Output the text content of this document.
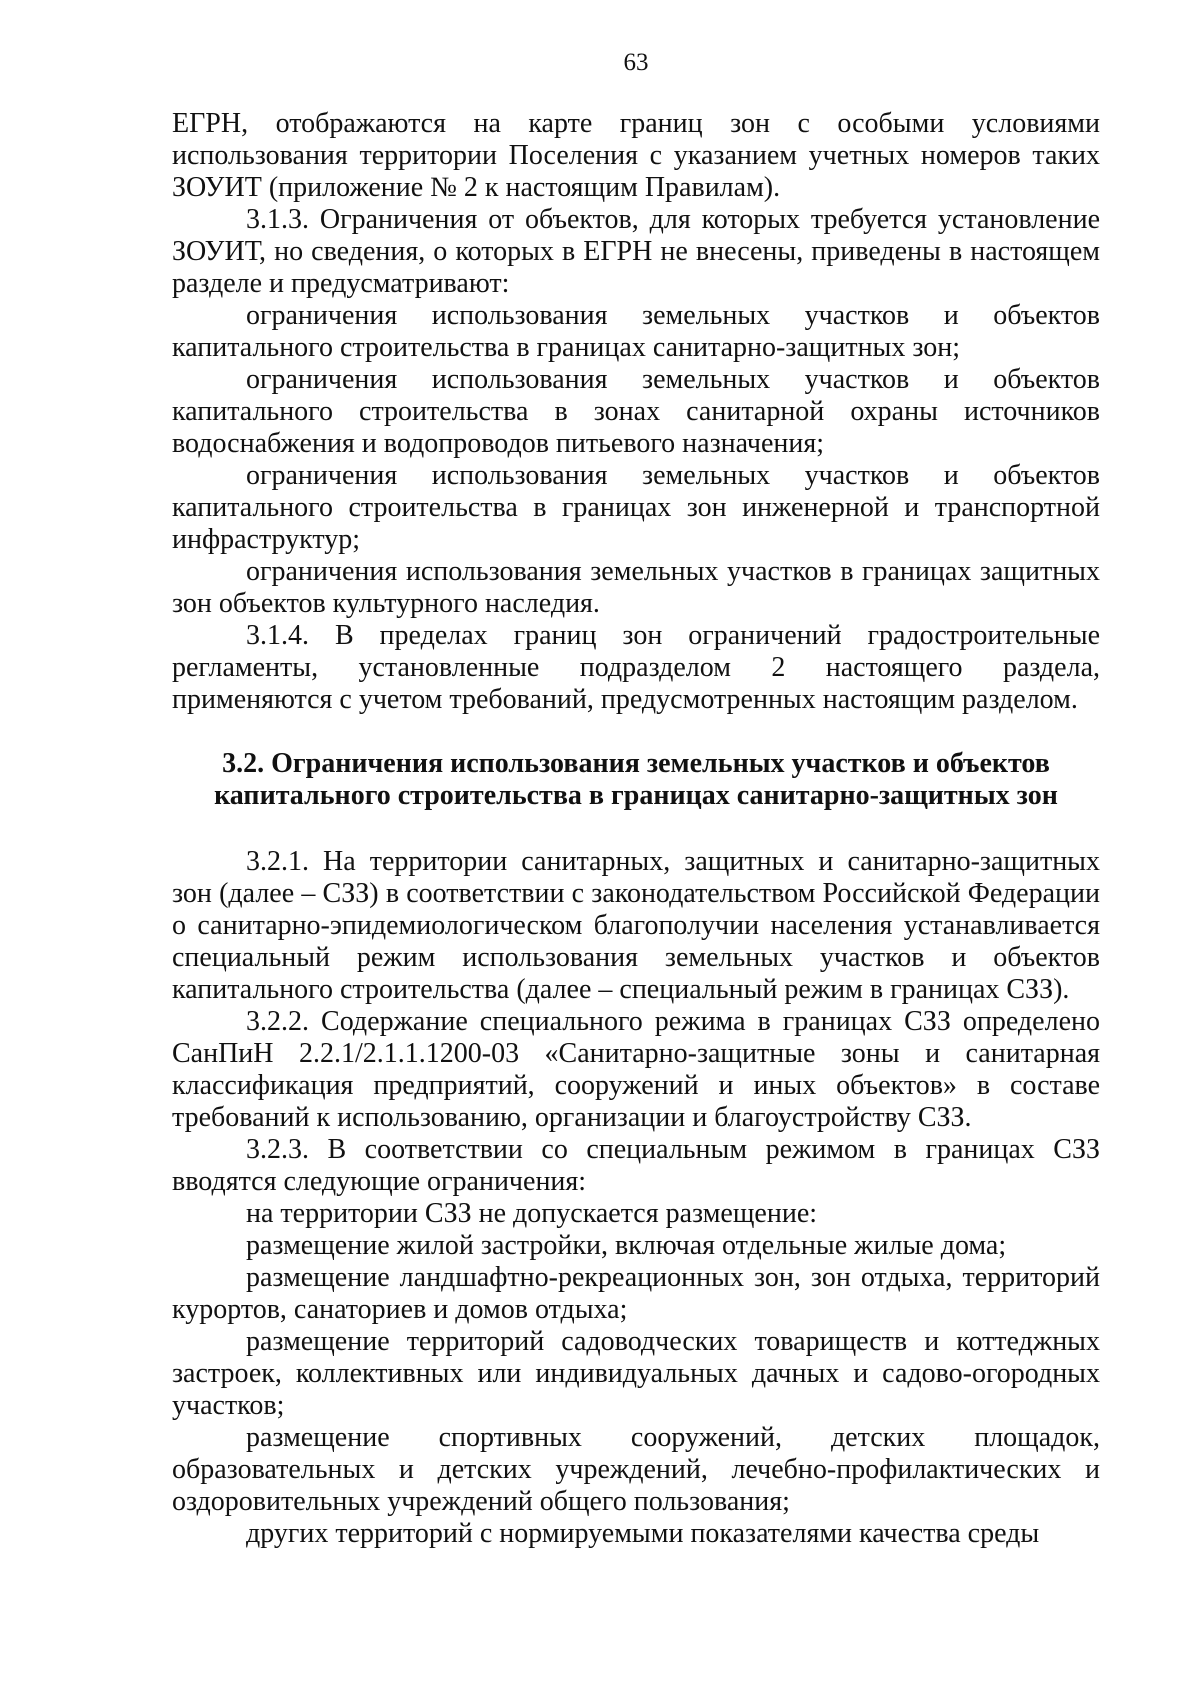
63

ЕГРН, отображаются на карте границ зон с особыми условиями использования территории Поселения с указанием учетных номеров таких ЗОУИТ (приложение № 2 к настоящим Правилам).

3.1.3. Ограничения от объектов, для которых требуется установление ЗОУИТ, но сведения, о которых в ЕГРН не внесены, приведены в настоящем разделе и предусматривают:

ограничения использования земельных участков и объектов капитального строительства в границах санитарно-защитных зон;

ограничения использования земельных участков и объектов капитального строительства в зонах санитарной охраны источников водоснабжения и водопроводов питьевого назначения;

ограничения использования земельных участков и объектов капитального строительства в границах зон инженерной и транспортной инфраструктур;

ограничения использования земельных участков в границах защитных зон объектов культурного наследия.

3.1.4. В пределах границ зон ограничений градостроительные регламенты, установленные подразделом 2 настоящего раздела, применяются с учетом требований, предусмотренных настоящим разделом.

3.2. Ограничения использования земельных участков и объектов
капитального строительства в границах санитарно-защитных зон

3.2.1. На территории санитарных, защитных и санитарно-защитных зон (далее – СЗЗ) в соответствии с законодательством Российской Федерации о санитарно-эпидемиологическом благополучии населения устанавливается специальный режим использования земельных участков и объектов капитального строительства (далее – специальный режим в границах СЗЗ).

3.2.2. Содержание специального режима в границах СЗЗ определено СанПиН 2.2.1/2.1.1.1200-03 «Санитарно-защитные зоны и санитарная классификация предприятий, сооружений и иных объектов» в составе требований к использованию, организации и благоустройству СЗЗ.

3.2.3. В соответствии со специальным режимом в границах СЗЗ вводятся следующие ограничения:

на территории СЗЗ не допускается размещение:

размещение жилой застройки, включая отдельные жилые дома;

размещение ландшафтно-рекреационных зон, зон отдыха, территорий курортов, санаториев и домов отдыха;

размещение территорий садоводческих товариществ и коттеджных застроек, коллективных или индивидуальных дачных и садово-огородных участков;

размещение спортивных сооружений, детских площадок, образовательных и детских учреждений, лечебно-профилактических и оздоровительных учреждений общего пользования;

других территорий с нормируемыми показателями качества среды
